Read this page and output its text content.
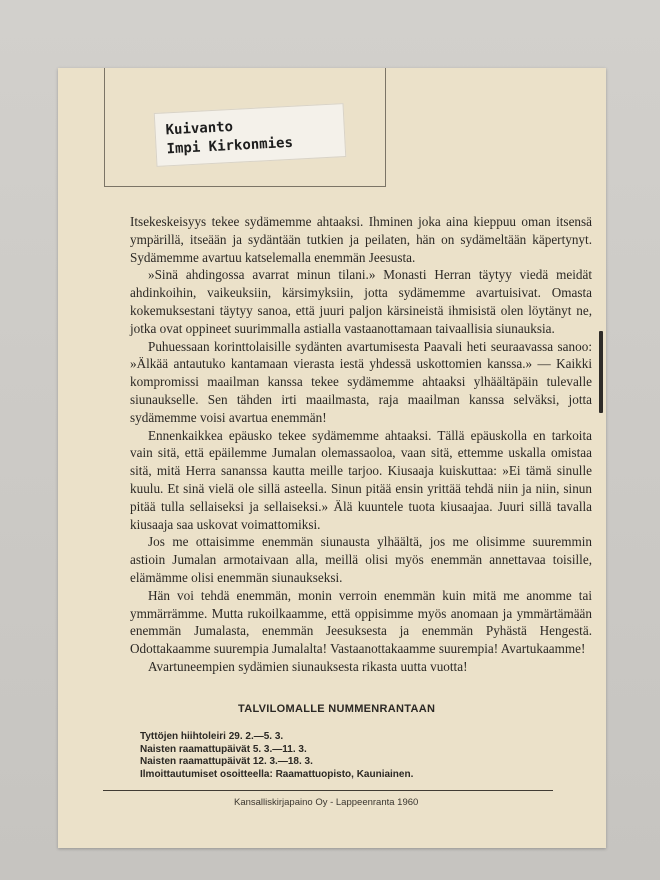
Kuivanto
Impi Kirkonmies

Itsekeskeisyys tekee sydämemme ahtaaksi. Ihminen joka aina kieppuu oman itsensä ympärillä, itseään ja sydäntään tutkien ja peilaten, hän on sydämeltään käpertynyt. Sydämemme avartuu katselemalla enemmän Jeesusta.

»Sinä ahdingossa avarrat minun tilani.» Monasti Herran täytyy viedä meidät ahdinkoihin, vaikeuksiin, kärsimyksiin, jotta sydämemme avartuisivat. Omasta kokemuksestani täytyy sanoa, että juuri paljon kärsineistä ihmisistä olen löytänyt ne, jotka ovat oppineet suurimmalla astialla vastaanottamaan taivaallisia siunauksia.

Puhuessaan korinttolaisille sydänten avartumisesta Paavali heti seuraavassa sanoo: »Älkää antautuko kantamaan vierasta iestä yhdessä uskottomien kanssa.» — Kaikki kompromissi maailman kanssa tekee sydämemme ahtaaksi ylhäältäpäin tulevalle siunaukselle. Sen tähden irti maailmasta, raja maailman kanssa selväksi, jotta sydämemme voisi avartua enemmän!

Ennenkaikkea epäusko tekee sydämemme ahtaaksi. Tällä epäuskolla en tarkoita vain sitä, että epäilemme Jumalan olemassaoloa, vaan sitä, ettemme uskalla omistaa sitä, mitä Herra sananssa kautta meille tarjoo. Kiusaaja kuiskuttaa: »Ei tämä sinulle kuulu. Et sinä vielä ole sillä asteella. Sinun pitää ensin yrittää tehdä niin ja niin, sinun pitää tulla sellaiseksi ja sellaiseksi.» Älä kuuntele tuota kiusaajaa. Juuri sillä tavalla kiusaaja saa uskovat voimattomiksi.

Jos me ottaisimme enemmän siunausta ylhäältä, jos me olisimme suuremmin astioin Jumalan armotaivaan alla, meillä olisi myös enemmän annettavaa toisille, elämämme olisi enemmän siunaukseksi.

Hän voi tehdä enemmän, monin verroin enemmän kuin mitä me anomme tai ymmärrämme. Mutta rukoilkaamme, että oppisimme myös anomaan ja ymmärtämään enemmän Jumalasta, enemmän Jeesuksesta ja enemmän Pyhästä Hengestä. Odottakaamme suurempia Jumalalta! Vastaanottakaamme suurempia! Avartukaamme!

Avartuneempien sydämien siunauksesta rikasta uutta vuotta!

TALVILOMALLE NUMMENRANTAAN
Tyttöjen hiihtoleiri 29. 2.—5. 3.
Naisten raamattupäivät 5. 3.—11. 3.
Naisten raamattupäivät 12. 3.—18. 3.
Ilmoittautumiset osoitteella: Raamattuopisto, Kauniainen.
Kansalliskirjapaino Oy - Lappeenranta 1960
